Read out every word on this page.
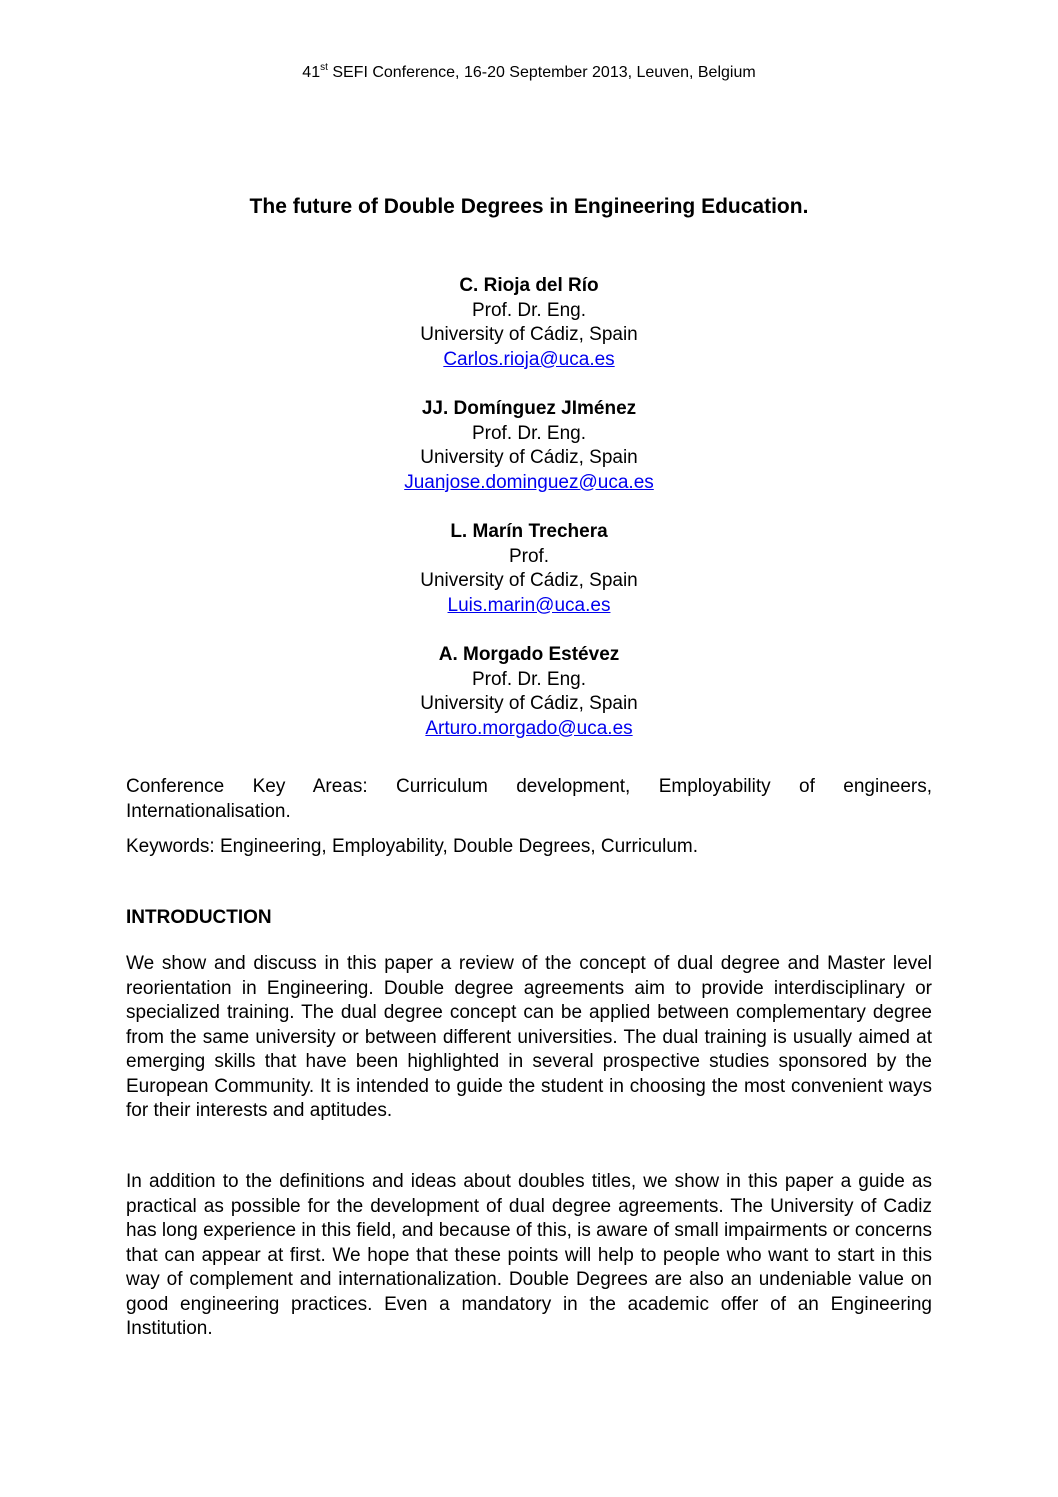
41st SEFI Conference, 16-20 September 2013, Leuven, Belgium
The future of Double Degrees in Engineering Education.
C. Rioja del Río
Prof. Dr. Eng.
University of Cádiz, Spain
Carlos.rioja@uca.es
JJ. Domínguez JIménez
Prof. Dr. Eng.
University of Cádiz, Spain
Juanjose.dominguez@uca.es
L. Marín Trechera
Prof.
University of Cádiz, Spain
Luis.marin@uca.es
A. Morgado Estévez
Prof. Dr. Eng.
University of Cádiz, Spain
Arturo.morgado@uca.es
Conference Key Areas: Curriculum development, Employability of engineers, Internationalisation.
Keywords: Engineering, Employability, Double Degrees, Curriculum.
INTRODUCTION

We show and discuss in this paper a review of the concept of dual degree and Master level reorientation in Engineering. Double degree agreements aim to provide interdisciplinary or specialized training. The dual degree concept can be applied between complementary degree from the same university or between different universities. The dual training is usually aimed at emerging skills that have been highlighted in several prospective studies sponsored by the European Community. It is intended to guide the student in choosing the most convenient ways for their interests and aptitudes.

In addition to the definitions and ideas about doubles titles, we show in this paper a guide as practical as possible for the development of dual degree agreements. The University of Cadiz has long experience in this field, and because of this, is aware of small impairments or concerns that can appear at first. We hope that these points will help to people who want to start in this way of complement and internationalization. Double Degrees are also an undeniable value on good engineering practices. Even a mandatory in the academic offer of an Engineering Institution.
